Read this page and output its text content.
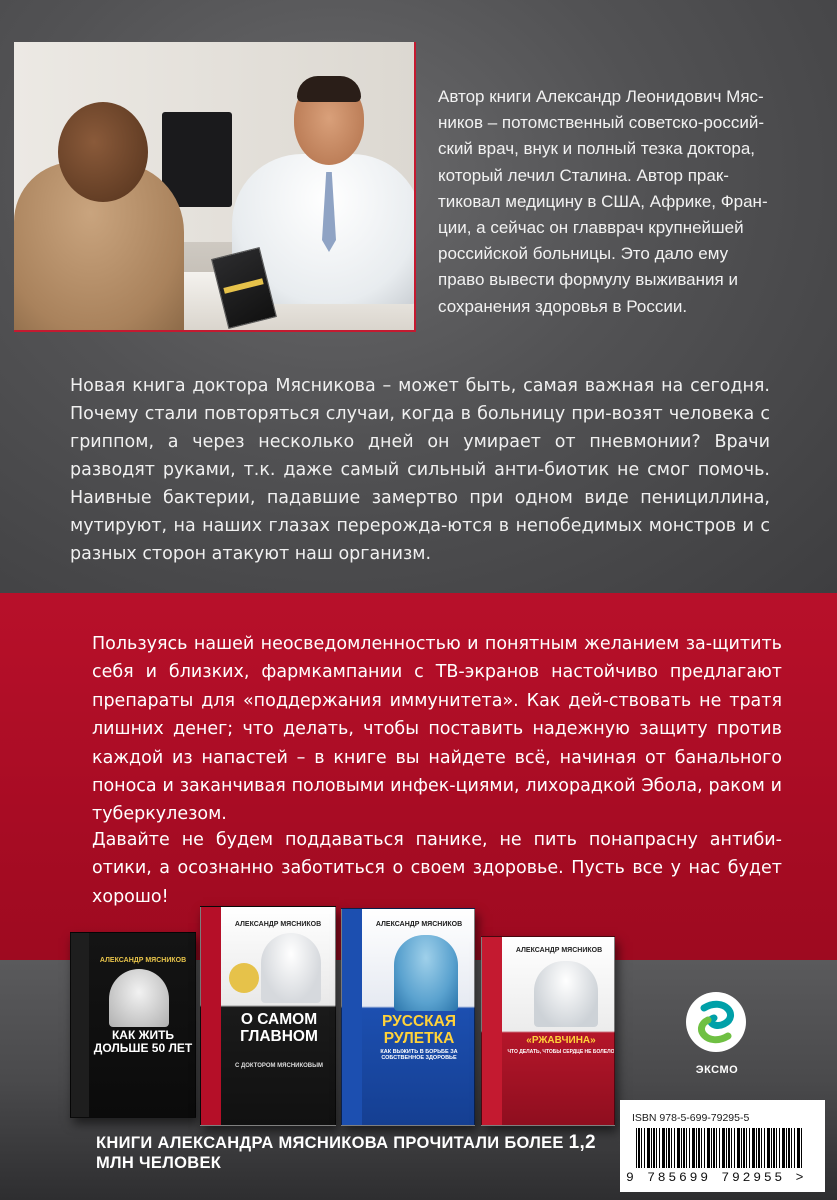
Автор книги Александр Леонидович Мяс-

ников – потомственный советско-россий-

ский врач, внук и полный тезка доктора,

который лечил Сталина. Автор прак-

тиковал медицину в США, Африке, Фран-

ции, а сейчас он главврач крупнейшей

российской больницы. Это дало ему

право вывести формулу выживания и

сохранения здоровья в России.

Новая книга доктора Мясникова – может быть, самая важная на сегодня. Почему стали повторяться случаи, когда в больницу при-возят человека с гриппом, а через несколько дней он умирает от пневмонии? Врачи разводят руками, т.к. даже самый сильный анти-биотик не смог помочь. Наивные бактерии, падавшие замертво при одном виде пенициллина, мутируют, на наших глазах перерожда-ются в непобедимых монстров и с разных сторон атакуют наш организм.

Пользуясь нашей неосведомленностью и понятным желанием за-щитить себя и близких, фармкампании с ТВ-экранов настойчиво предлагают препараты для «поддержания иммунитета». Как дей-ствовать не тратя лишних денег; что делать, чтобы поставить надежную защиту против каждой из напастей – в книге вы найдете всё, начиная от банального поноса и заканчивая половыми инфек-циями, лихорадкой Эбола, раком и туберкулезом.

Давайте не будем поддаваться панике, не пить понапрасну антиби-отики, а осознанно заботиться о своем здоровье. Пусть все у нас будет хорошо!

АЛЕКСАНДР МЯСНИКОВ
КАК ЖИТЬ ДОЛЬШЕ 50 ЛЕТ
АЛЕКСАНДР МЯСНИКОВ
О САМОМ ГЛАВНОМ
С ДОКТОРОМ МЯСНИКОВЫМ
АЛЕКСАНДР МЯСНИКОВ
РУССКАЯ РУЛЕТКА
КАК ВЫЖИТЬ В БОРЬБЕ ЗА СОБСТВЕННОЕ ЗДОРОВЬЕ
АЛЕКСАНДР МЯСНИКОВ
«РЖАВЧИНА»
ЧТО ДЕЛАТЬ, ЧТОБЫ СЕРДЦЕ НЕ БОЛЕЛО
ЭКСМО
ISBN 978-5-699-79295-5
9 785699 792955 >
КНИГИ АЛЕКСАНДРА МЯСНИКОВА ПРОЧИТАЛИ БОЛЕЕ 1,2 МЛН ЧЕЛОВЕК
